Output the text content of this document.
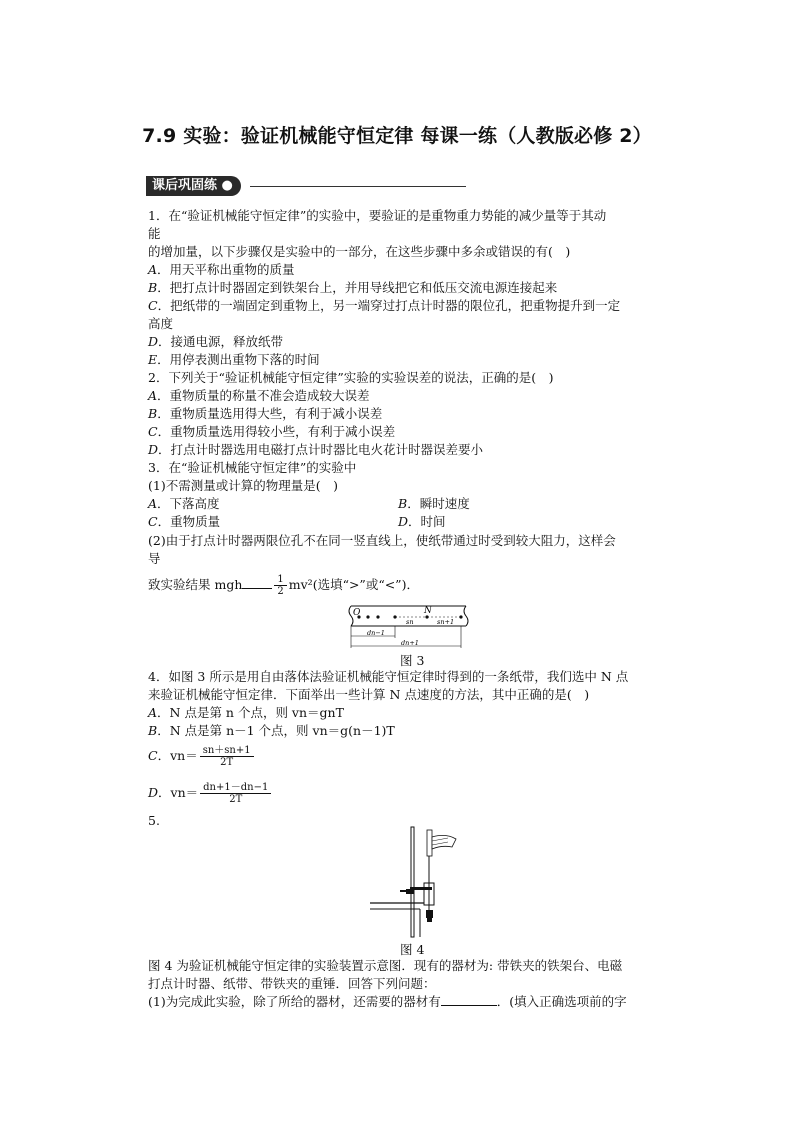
7.9 实验：验证机械能守恒定律 每课一练（人教版必修 2）
课后巩固练 ●
1．在“验证机械能守恒定律”的实验中，要验证的是重物重力势能的减少量等于其动
能
的增加量，以下步骤仅是实验中的一部分，在这些步骤中多余或错误的有(　)
A．用天平称出重物的质量
B．把打点计时器固定到铁架台上，并用导线把它和低压交流电源连接起来
C．把纸带的一端固定到重物上，另一端穿过打点计时器的限位孔，把重物提升到一定
高度
D．接通电源，释放纸带
E．用停表测出重物下落的时间
2．下列关于“验证机械能守恒定律”实验的实验误差的说法，正确的是(　)
A．重物质量的称量不准会造成较大误差
B．重物质量选用得大些，有利于减小误差
C．重物质量选用得较小些，有利于减小误差
D．打点计时器选用电磁打点计时器比电火花计时器误差要小
3．在“验证机械能守恒定律”的实验中
(1)不需测量或计算的物理量是(　)
A．下落高度	B．瞬时速度
C．重物质量	D．时间
(2)由于打点计时器两限位孔不在同一竖直线上，使纸带通过时受到较大阻力，这样会
导
致实验结果 mgh	$\frac{1}{2} mv^2$(选填“>”或“<”)．
O	N
sn	sn+1
dn−1
dn+1
图 3
4．如图 3 所示是用自由落体法验证机械能守恒定律时得到的一条纸带，我们选中 N 点
来验证机械能守恒定律．下面举出一些计算 N 点速度的方法，其中正确的是(　)
A．N 点是第 n 个点，则 vn＝gnT
B．N 点是第 n－1 个点，则 vn＝g(n－1)T
C．$vn= \frac{sn+sn+1}{2T}$
D．$vn= \frac{dn+1-dn-1}{2T}$
5.
图 4
图 4 为验证机械能守恒定律的实验装置示意图．现有的器材为: 带铁夹的铁架台、电磁
打点计时器、纸带、带铁夹的重锤．回答下列问题：
(1)为完成此实验，除了所给的器材，还需要的器材有	．(填入正确选项前的字
